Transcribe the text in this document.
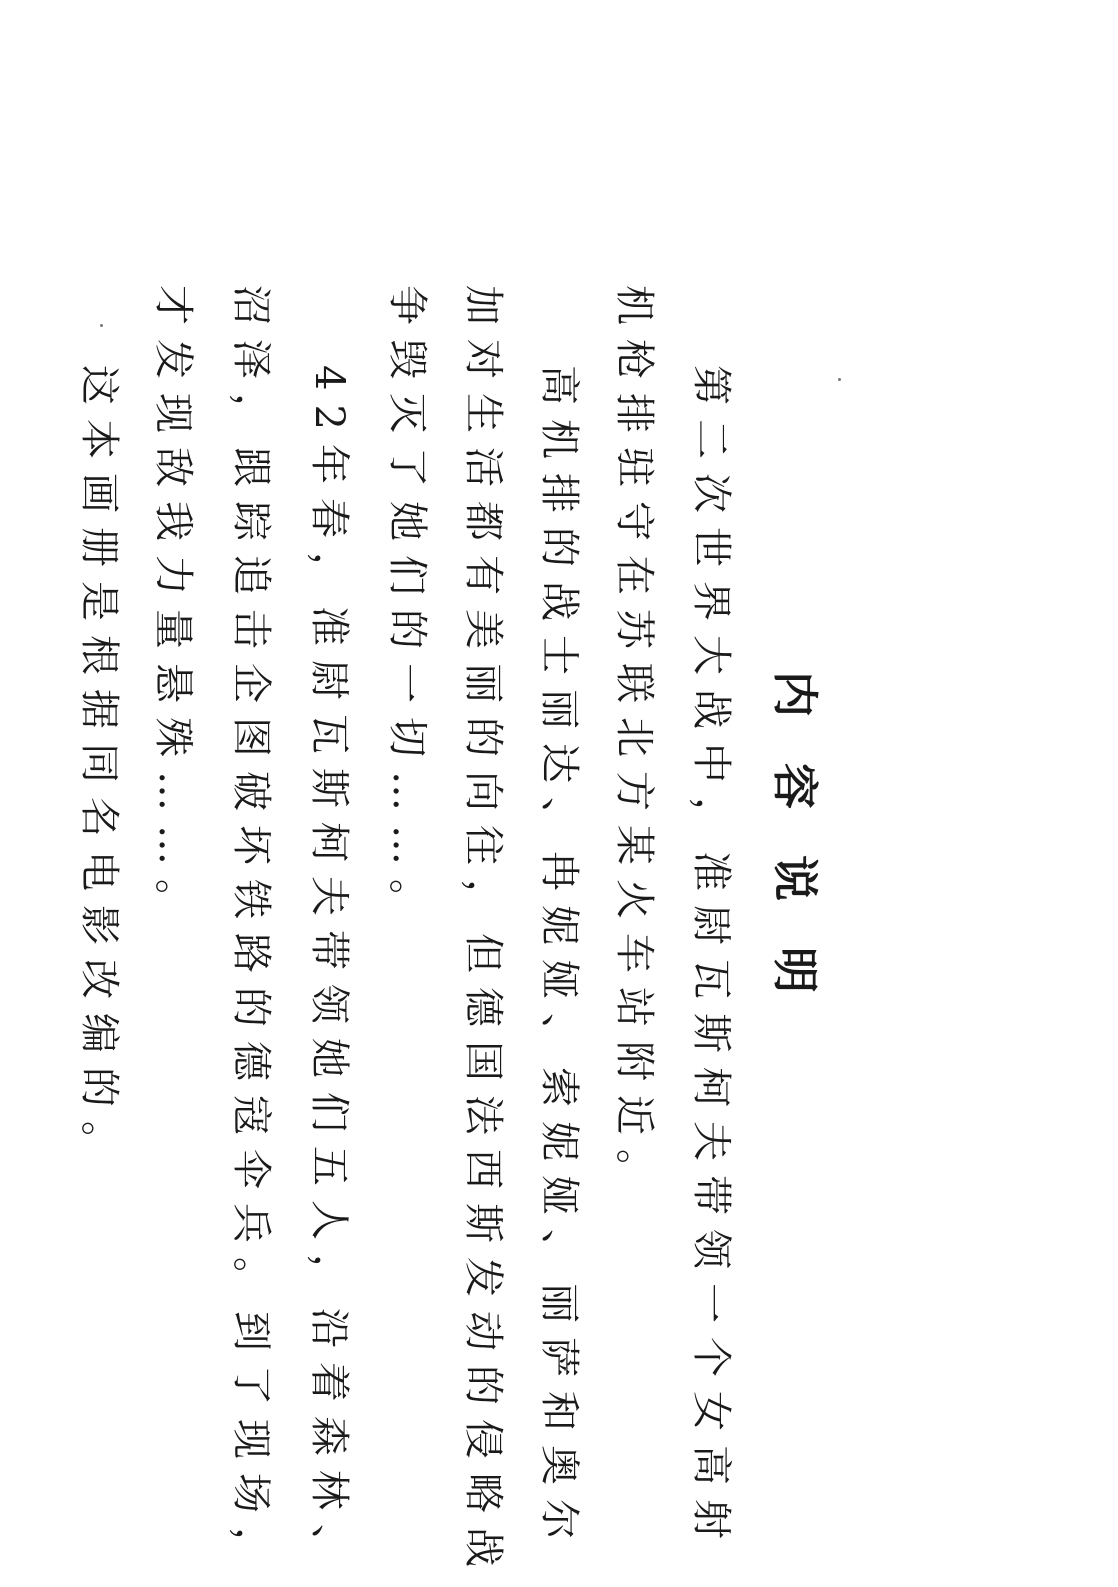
内容说明
第二次世界大战中，准尉瓦斯柯夫带领一个女高射
机枪排驻守在苏联北方某火车站附近。
高机排的战士丽达、冉妮娅、索妮娅、丽萨和奥尔
加对生活都有美丽的向往，但德国法西斯发动的侵略战
争毁灭了她们的一切……。
42年春，准尉瓦斯柯夫带领她们五人，沿着森林、
沼泽，跟踪追击企图破坏铁路的德寇伞兵。到了现场，
才发现敌我力量悬殊……。
这本画册是根据同名电影改编的。
